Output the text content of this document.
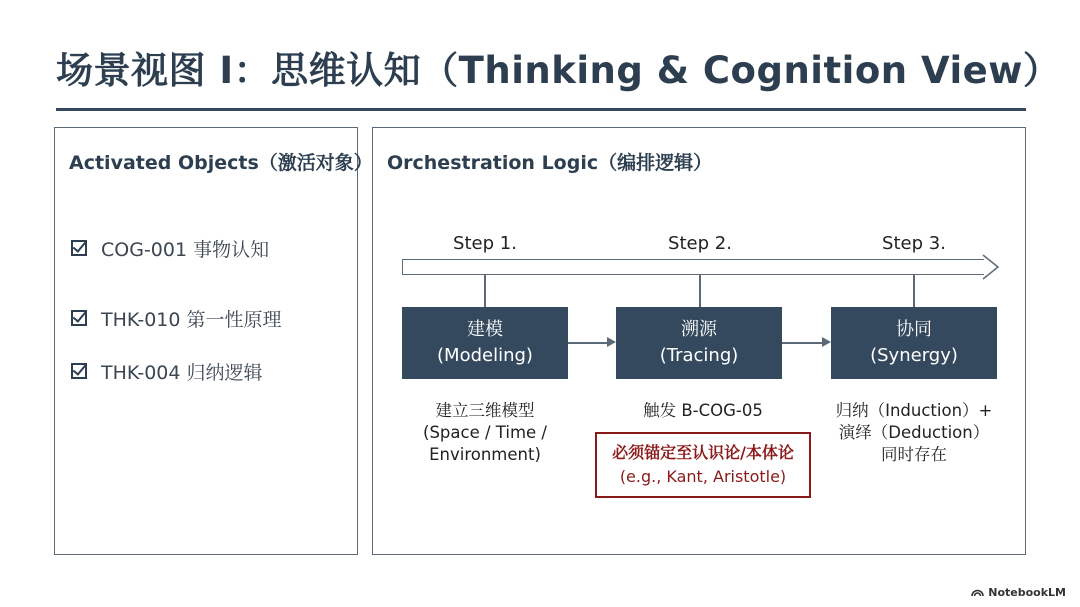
场景视图 I：思维认知（Thinking & Cognition View）
Activated Objects（激活对象）
COG-001 事物认知
THK-010 第一性原理
THK-004 归纳逻辑
Orchestration Logic（编排逻辑）
Step 1.	Step 2.	Step 3.
建模
(Modeling)
溯源
(Tracing)
协同
(Synergy)
建立三维模型
(Space / Time /
Environment)
触发 B-COG-05
必须锚定至认识论/本体论
(e.g., Kant, Aristotle)
归纳（Induction）+
演绎（Deduction）
同时存在
NotebookLM
